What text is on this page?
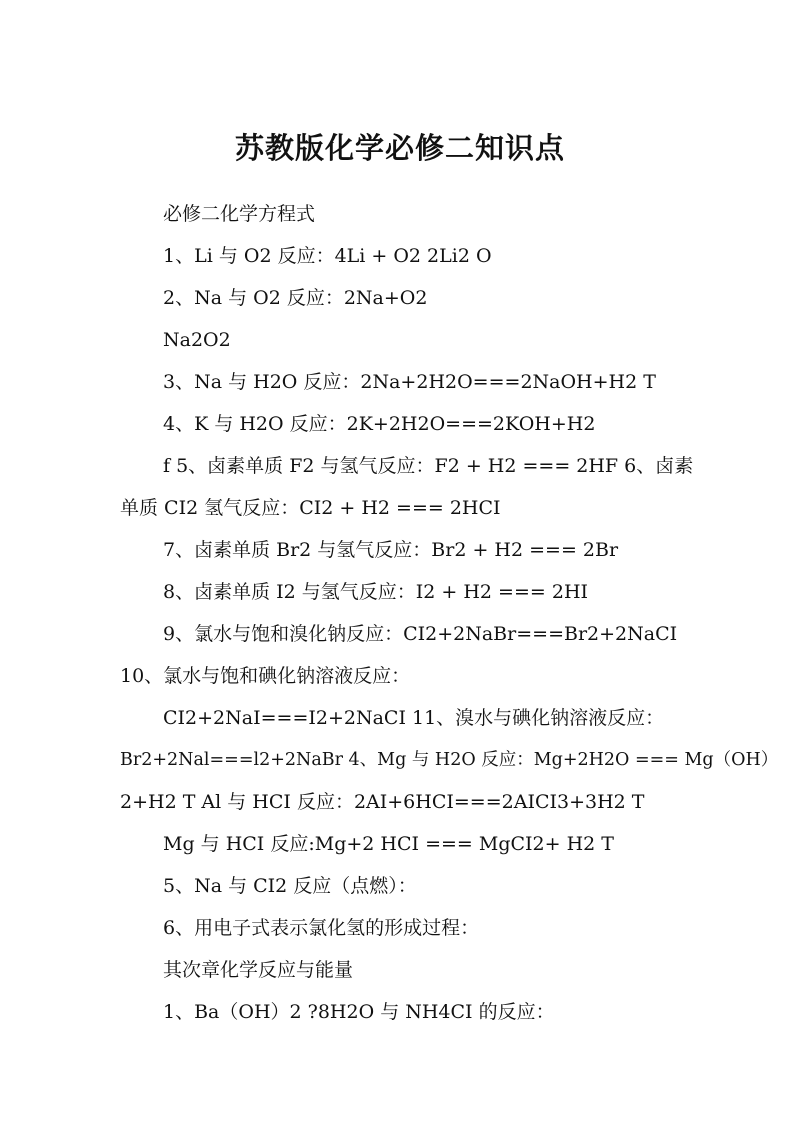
苏教版化学必修二知识点
必修二化学方程式
1、Li 与 O2 反应：4Li + O2 2Li2 O
2、Na 与 O2 反应：2Na+O2
Na2O2
3、Na 与 H2O 反应：2Na+2H2O===2NaOH+H2 T
4、K 与 H2O 反应：2K+2H2O===2KOH+H2
f 5、卤素单质 F2 与氢气反应：F2 + H2 === 2HF 6、卤素
单质 CI2 氢气反应：CI2 + H2 === 2HCI
7、卤素单质 Br2 与氢气反应：Br2 + H2 === 2Br
8、卤素单质 I2 与氢气反应：I2 + H2 === 2HI
9、氯水与饱和溴化钠反应：CI2+2NaBr===Br2+2NaCI
10、氯水与饱和碘化钠溶液反应：
CI2+2NaI===I2+2NaCI 11、溴水与碘化钠溶液反应：
Br2+2Nal===l2+2NaBr 4、Mg 与 H2O 反应：Mg+2H2O === Mg（OH）
2+H2 T Al 与 HCI 反应：2AI+6HCI===2AICI3+3H2 T
Mg 与 HCI 反应:Mg+2 HCI === MgCI2+ H2 T
5、Na 与 CI2 反应（点燃）：
6、用电子式表示氯化氢的形成过程：
其次章化学反应与能量
1、Ba（OH）2 ?8H2O 与 NH4CI 的反应：
